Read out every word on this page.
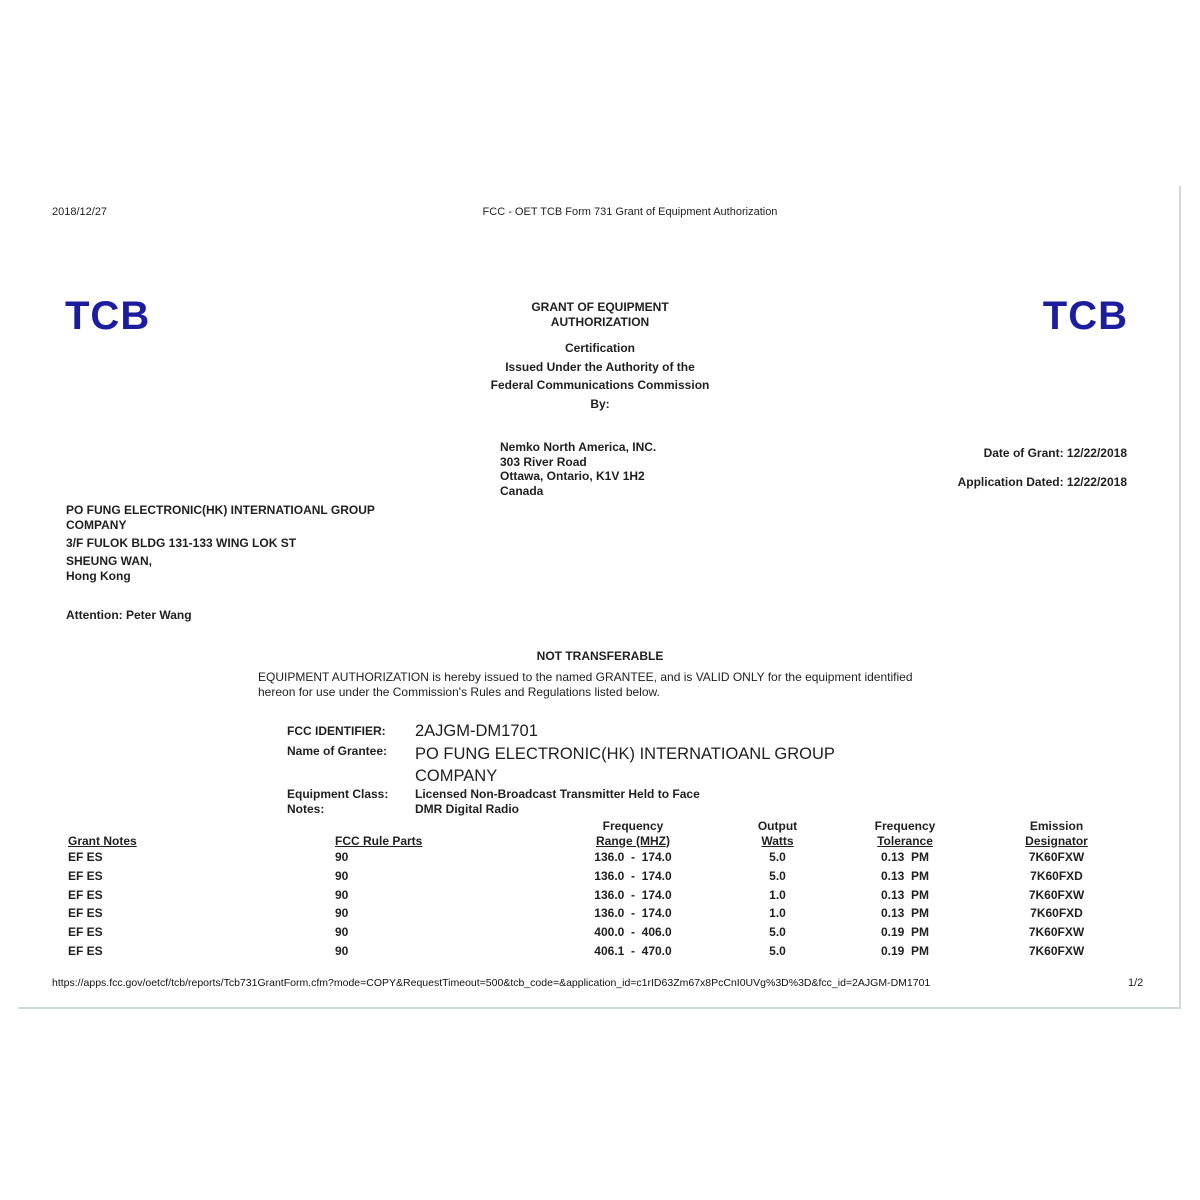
2018/12/27	FCC - OET TCB Form 731 Grant of Equipment Authorization
TCB	TCB
GRANT OF EQUIPMENT
AUTHORIZATION
Certification
Issued Under the Authority of the
Federal Communications Commission
By:
Nemko North America, INC.
303 River Road
Ottawa, Ontario, K1V 1H2
Canada
Date of Grant: 12/22/2018
Application Dated: 12/22/2018
PO FUNG ELECTRONIC(HK) INTERNATIOANL GROUP
COMPANY
3/F FULOK BLDG 131-133 WING LOK ST
SHEUNG WAN,
Hong Kong
Attention: Peter Wang
NOT TRANSFERABLE
EQUIPMENT AUTHORIZATION is hereby issued to the named GRANTEE, and is VALID ONLY for the equipment identified
hereon for use under the Commission's Rules and Regulations listed below.
FCC IDENTIFIER: 2AJGM-DM1701
Name of Grantee: PO FUNG ELECTRONIC(HK) INTERNATIOANL GROUP
COMPANY
Equipment Class: Licensed Non-Broadcast Transmitter Held to Face
Notes:	DMR Digital Radio
		Frequency	Output	Frequency	Emission
Grant Notes	FCC Rule Parts	Range (MHZ)	Watts	Tolerance	Designator
EF ES	90	136.0  -  174.0	5.0	0.13  PM	7K60FXW
EF ES	90	136.0  -  174.0	5.0	0.13  PM	7K60FXD
EF ES	90	136.0  -  174.0	1.0	0.13  PM	7K60FXW
EF ES	90	136.0  -  174.0	1.0	0.13  PM	7K60FXD
EF ES	90	400.0  -  406.0	5.0	0.19  PM	7K60FXW
EF ES	90	406.1  -  470.0	5.0	0.19  PM	7K60FXW
https://apps.fcc.gov/oetcf/tcb/reports/Tcb731GrantForm.cfm?mode=COPY&RequestTimeout=500&tcb_code=&application_id=c1rID63Zm67x8PcCnI0UVg%3D%3D&fcc_id=2AJGM-DM1701	1/2
